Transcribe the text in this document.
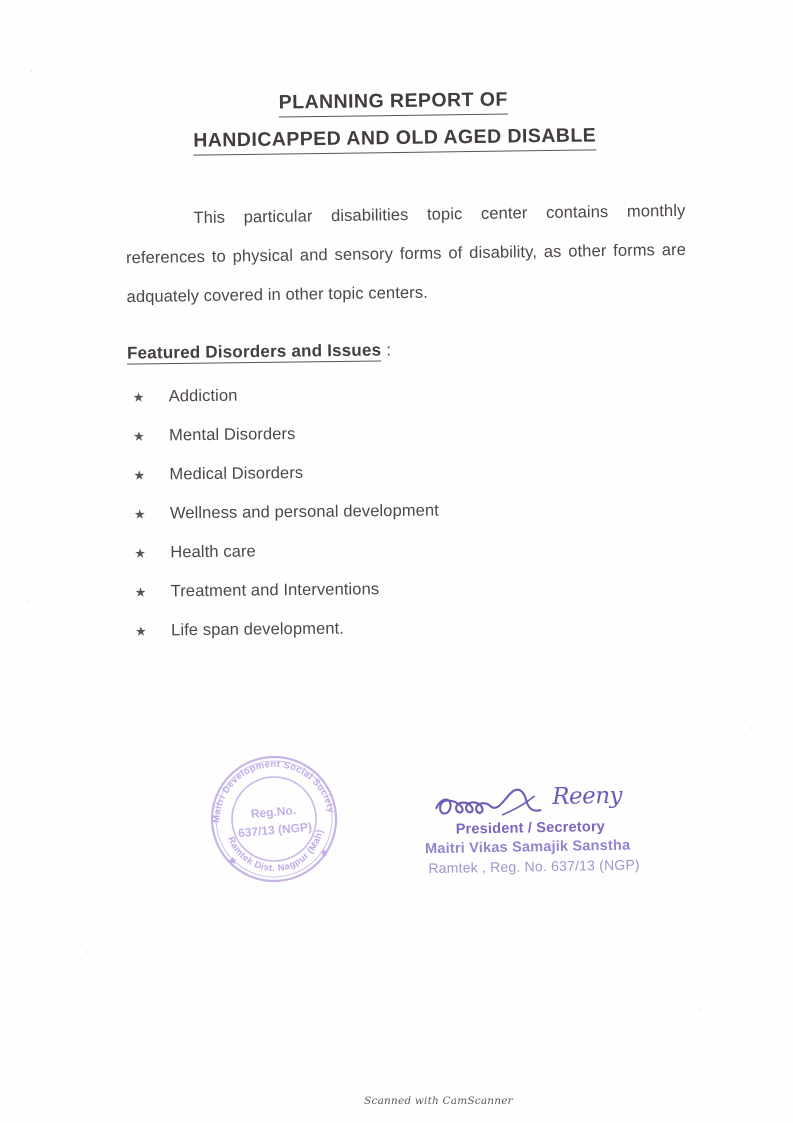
PLANNING REPORT OF
HANDICAPPED AND OLD AGED DISABLE
This particular disabilities topic center contains monthly references to physical and sensory forms of disability, as other forms are adquately covered in other topic centers.
Featured Disorders and Issues :
★	Addiction
★	Mental Disorders
★	Medical Disorders
★	Wellness and personal development
★	Health care
★	Treatment and Interventions
★	Life span development.
Maitri Development Social Society
Ramtek Dist. Nagpur (Mah)
Reg.No.
637/13 (NGP)
★
★
Reeny
President / Secretory
Maitri Vikas Samajik Sanstha
Ramtek , Reg. No. 637/13 (NGP)
Scanned with CamScanner
